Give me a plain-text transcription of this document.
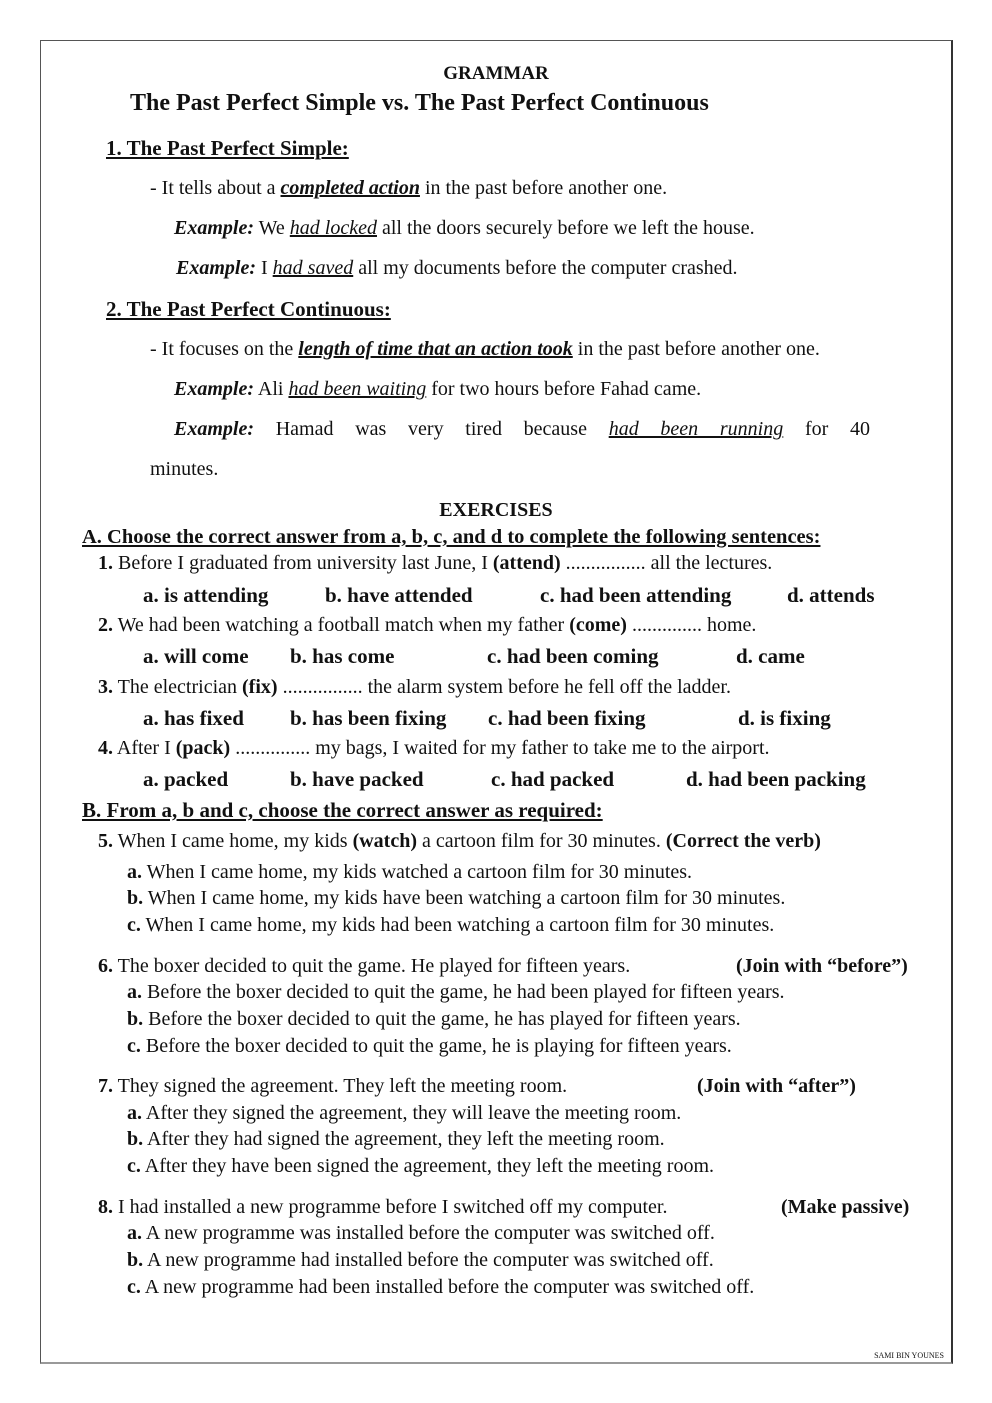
GRAMMAR
The Past Perfect Simple vs. The Past Perfect Continuous
1. The Past Perfect Simple:
- It tells about a completed action in the past before another one.
Example: We had locked all the doors securely before we left the house.
Example: I had saved all my documents before the computer crashed.
2. The Past Perfect Continuous:
- It focuses on the length of time that an action took in the past before another one.
Example: Ali had been waiting for two hours before Fahad came.
Example: Hamad was very tired because had been running for 40
minutes.
EXERCISES
A. Choose the correct answer from a, b, c, and d to complete the following sentences:
B. From a, b and c, choose the correct answer as required:
SAMI BIN YOUNES
1. Before I graduated from university last June, I (attend) ................ all the lectures.
a. is attending	b. have attended	c. had been attending	d. attends
2. We had been watching a football match when my father (come) .............. home.
a. will come b. has come	c. had been coming	d. came
3. The electrician (fix) ................ the alarm system before he fell off the ladder.
a. has fixed b. has been fixing c. had been fixing	d. is fixing
4. After I (pack) ............... my bags, I waited for my father to take me to the airport.
a. packed	b. have packed	c. had packed	d. had been packing
5. When I came home, my kids (watch) a cartoon film for 30 minutes. (Correct the verb)
a. When I came home, my kids watched a cartoon film for 30 minutes.
b. When I came home, my kids have been watching a cartoon film for 30 minutes.
c. When I came home, my kids had been watching a cartoon film for 30 minutes.
(Join with “before”)
6. The boxer decided to quit the game. He played for fifteen years.
a. Before the boxer decided to quit the game, he had been played for fifteen years.
b. Before the boxer decided to quit the game, he has played for fifteen years.
c. Before the boxer decided to quit the game, he is playing for fifteen years.
(Join with “after”)
7. They signed the agreement. They left the meeting room.
a. After they signed the agreement, they will leave the meeting room.
b. After they had signed the agreement, they left the meeting room.
c. After they have been signed the agreement, they left the meeting room.
(Make passive)
8. I had installed a new programme before I switched off my computer.
a. A new programme was installed before the computer was switched off.
b. A new programme had installed before the computer was switched off.
c. A new programme had been installed before the computer was switched off.
